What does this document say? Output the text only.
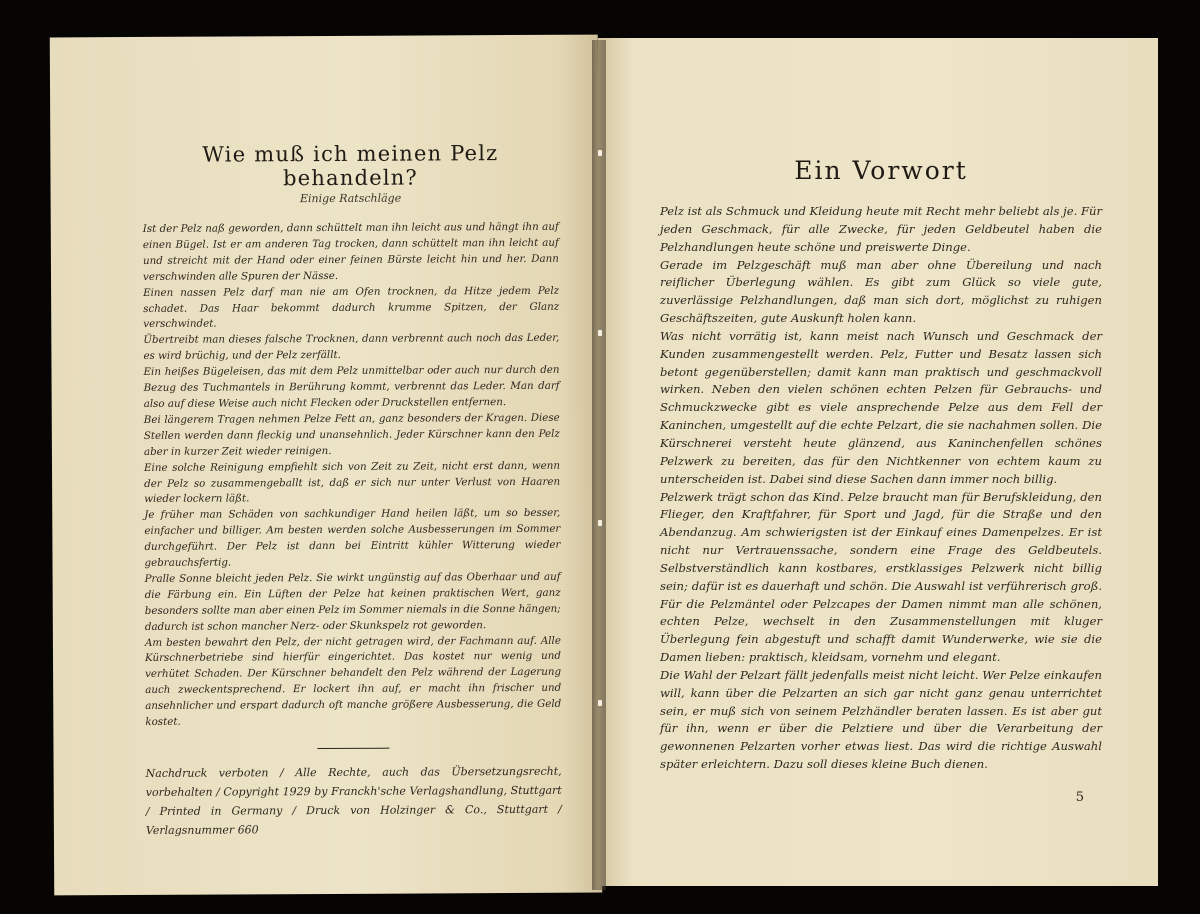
Wie muß ich meinen Pelz behandeln?
Einige Ratschläge

Ist der Pelz naß geworden, dann schüttelt man ihn leicht aus und hängt ihn auf einen Bügel. Ist er am anderen Tag trocken, dann schüttelt man ihn leicht auf und streicht mit der Hand oder einer feinen Bürste leicht hin und her. Dann verschwinden alle Spuren der Nässe.

Einen nassen Pelz darf man nie am Ofen trocknen, da Hitze jedem Pelz schadet. Das Haar bekommt dadurch krumme Spitzen, der Glanz verschwindet.

Übertreibt man dieses falsche Trocknen, dann verbrennt auch noch das Leder, es wird brüchig, und der Pelz zerfällt.

Ein heißes Bügeleisen, das mit dem Pelz unmittelbar oder auch nur durch den Bezug des Tuchmantels in Berührung kommt, verbrennt das Leder. Man darf also auf diese Weise auch nicht Flecken oder Druckstellen entfernen.

Bei längerem Tragen nehmen Pelze Fett an, ganz besonders der Kragen. Diese Stellen werden dann fleckig und unansehnlich. Jeder Kürschner kann den Pelz aber in kurzer Zeit wieder reinigen.

Eine solche Reinigung empfiehlt sich von Zeit zu Zeit, nicht erst dann, wenn der Pelz so zusammengeballt ist, daß er sich nur unter Verlust von Haaren wieder lockern läßt.

Je früher man Schäden von sachkundiger Hand heilen läßt, um so besser, einfacher und billiger. Am besten werden solche Ausbesserungen im Sommer durchgeführt. Der Pelz ist dann bei Eintritt kühler Witterung wieder gebrauchsfertig.

Pralle Sonne bleicht jeden Pelz. Sie wirkt ungünstig auf das Oberhaar und auf die Färbung ein. Ein Lüften der Pelze hat keinen praktischen Wert, ganz besonders sollte man aber einen Pelz im Sommer niemals in die Sonne hängen; dadurch ist schon mancher Nerz- oder Skunkspelz rot geworden.

Am besten bewahrt den Pelz, der nicht getragen wird, der Fachmann auf. Alle Kürschnerbetriebe sind hierfür eingerichtet. Das kostet nur wenig und verhütet Schaden. Der Kürschner behandelt den Pelz während der Lagerung auch zweckentsprechend. Er lockert ihn auf, er macht ihn frischer und ansehnlicher und erspart dadurch oft manche größere Ausbesserung, die Geld kostet.

Nachdruck verboten / Alle Rechte, auch das Übersetzungsrecht, vorbehalten / Copyright 1929 by Franckh'sche Verlagshandlung, Stuttgart / Printed in Germany / Druck von Holzinger & Co., Stuttgart / Verlagsnummer 660
Ein Vorwort

Pelz ist als Schmuck und Kleidung heute mit Recht mehr beliebt als je. Für jeden Geschmack, für alle Zwecke, für jeden Geldbeutel haben die Pelzhandlungen heute schöne und preiswerte Dinge.

Gerade im Pelzgeschäft muß man aber ohne Übereilung und nach reiflicher Überlegung wählen. Es gibt zum Glück so viele gute, zuverlässige Pelzhandlungen, daß man sich dort, möglichst zu ruhigen Geschäftszeiten, gute Auskunft holen kann.

Was nicht vorrätig ist, kann meist nach Wunsch und Geschmack der Kunden zusammengestellt werden. Pelz, Futter und Besatz lassen sich betont gegenüberstellen; damit kann man praktisch und geschmackvoll wirken. Neben den vielen schönen echten Pelzen für Gebrauchs- und Schmuckzwecke gibt es viele ansprechende Pelze aus dem Fell der Kaninchen, umgestellt auf die echte Pelzart, die sie nachahmen sollen. Die Kürschnerei versteht heute glänzend, aus Kaninchenfellen schönes Pelzwerk zu bereiten, das für den Nichtkenner von echtem kaum zu unterscheiden ist. Dabei sind diese Sachen dann immer noch billig.

Pelzwerk trägt schon das Kind. Pelze braucht man für Berufskleidung, den Flieger, den Kraftfahrer, für Sport und Jagd, für die Straße und den Abendanzug. Am schwierigsten ist der Einkauf eines Damenpelzes. Er ist nicht nur Vertrauenssache, sondern eine Frage des Geldbeutels. Selbstverständlich kann kostbares, erstklassiges Pelzwerk nicht billig sein; dafür ist es dauerhaft und schön. Die Auswahl ist verführerisch groß. Für die Pelzmäntel oder Pelzcapes der Damen nimmt man alle schönen, echten Pelze, wechselt in den Zusammenstellungen mit kluger Überlegung fein abgestuft und schafft damit Wunderwerke, wie sie die Damen lieben: praktisch, kleidsam, vornehm und elegant.

Die Wahl der Pelzart fällt jedenfalls meist nicht leicht. Wer Pelze einkaufen will, kann über die Pelzarten an sich gar nicht ganz genau unterrichtet sein, er muß sich von seinem Pelzhändler beraten lassen. Es ist aber gut für ihn, wenn er über die Pelztiere und über die Verarbeitung der gewonnenen Pelzarten vorher etwas liest. Das wird die richtige Auswahl später erleichtern. Dazu soll dieses kleine Buch dienen.

5
